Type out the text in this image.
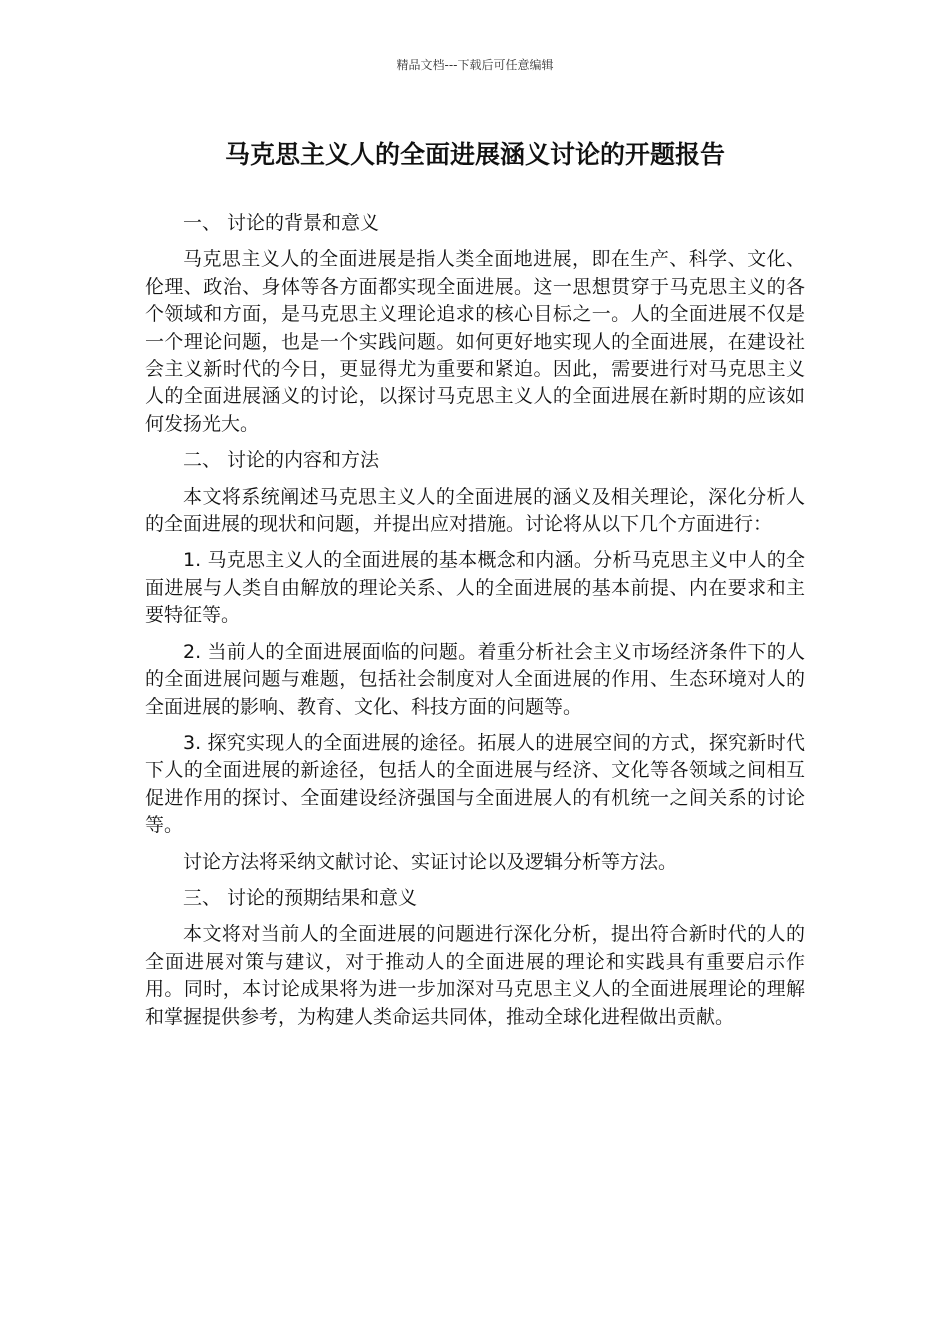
精品文档---下载后可任意编辑
马克思主义人的全面进展涵义讨论的开题报告

一、 讨论的背景和意义

马克思主义人的全面进展是指人类全面地进展，即在生产、科学、文化、伦理、政治、身体等各方面都实现全面进展。这一思想贯穿于马克思主义的各个领域和方面，是马克思主义理论追求的核心目标之一。人的全面进展不仅是一个理论问题，也是一个实践问题。如何更好地实现人的全面进展，在建设社会主义新时代的今日，更显得尤为重要和紧迫。因此，需要进行对马克思主义人的全面进展涵义的讨论，以探讨马克思主义人的全面进展在新时期的应该如何发扬光大。

二、 讨论的内容和方法

本文将系统阐述马克思主义人的全面进展的涵义及相关理论，深化分析人的全面进展的现状和问题，并提出应对措施。讨论将从以下几个方面进行：

1. 马克思主义人的全面进展的基本概念和内涵。分析马克思主义中人的全面进展与人类自由解放的理论关系、人的全面进展的基本前提、内在要求和主要特征等。

2. 当前人的全面进展面临的问题。着重分析社会主义市场经济条件下的人的全面进展问题与难题，包括社会制度对人全面进展的作用、生态环境对人的全面进展的影响、教育、文化、科技方面的问题等。

3. 探究实现人的全面进展的途径。拓展人的进展空间的方式，探究新时代下人的全面进展的新途径，包括人的全面进展与经济、文化等各领域之间相互促进作用的探讨、全面建设经济强国与全面进展人的有机统一之间关系的讨论等。

讨论方法将采纳文献讨论、实证讨论以及逻辑分析等方法。

三、 讨论的预期结果和意义

本文将对当前人的全面进展的问题进行深化分析，提出符合新时代的人的全面进展对策与建议，对于推动人的全面进展的理论和实践具有重要启示作用。同时，本讨论成果将为进一步加深对马克思主义人的全面进展理论的理解和掌握提供参考，为构建人类命运共同体，推动全球化进程做出贡献。
